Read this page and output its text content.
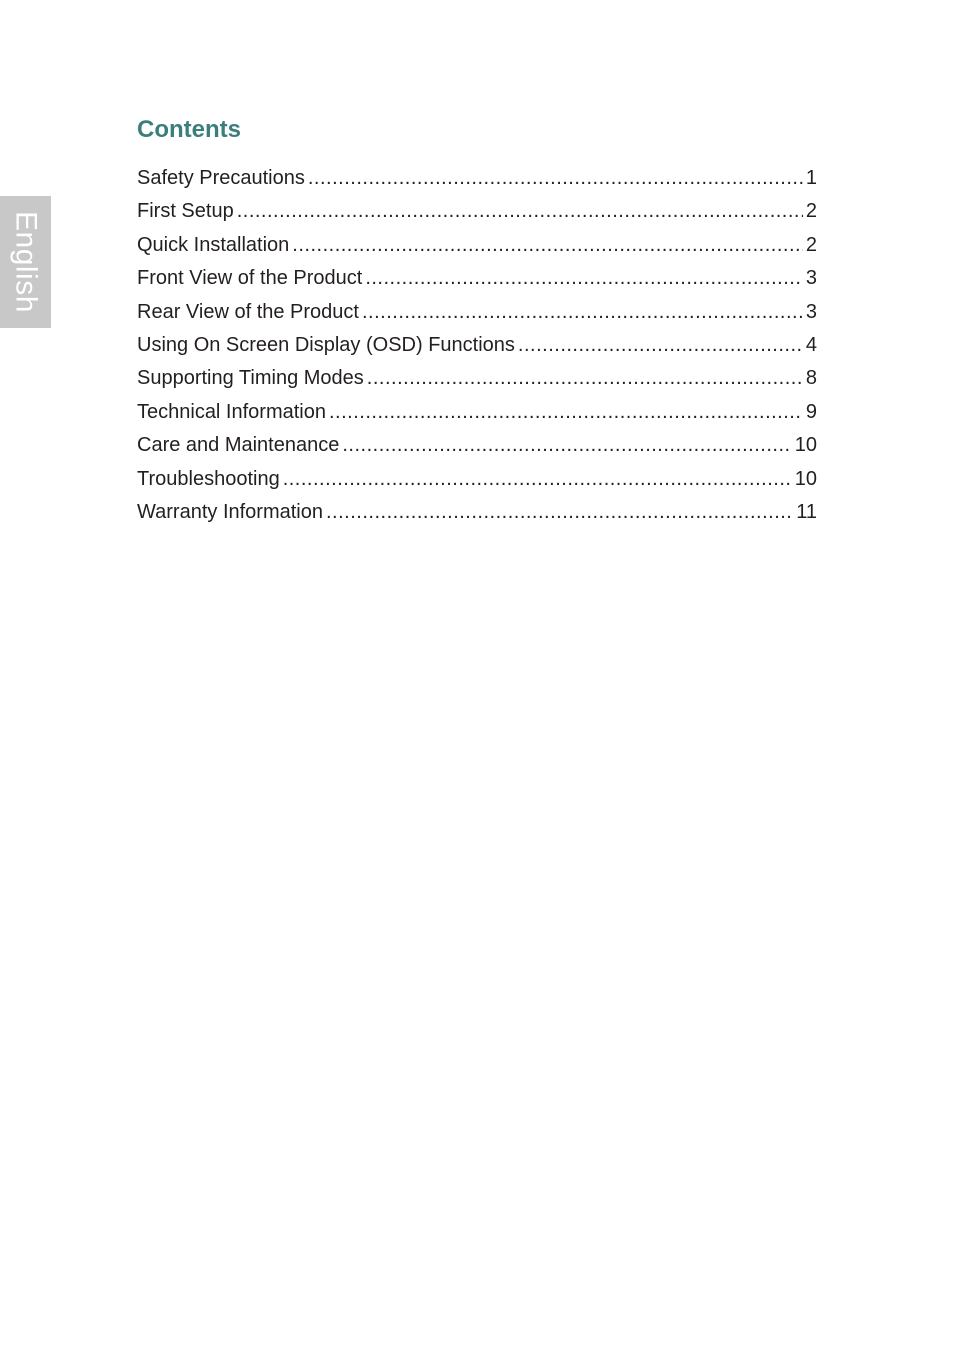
English
Contents
Safety Precautions .....	1
First Setup .....	2
Quick Installation .....	2
Front View of the Product .....	3
Rear View of the Product .....	3
Using On Screen Display (OSD) Functions .....	4
Supporting Timing Modes .....	8
Technical Information .....	9
Care and Maintenance .....	10
Troubleshooting .....	10
Warranty Information .....	11
